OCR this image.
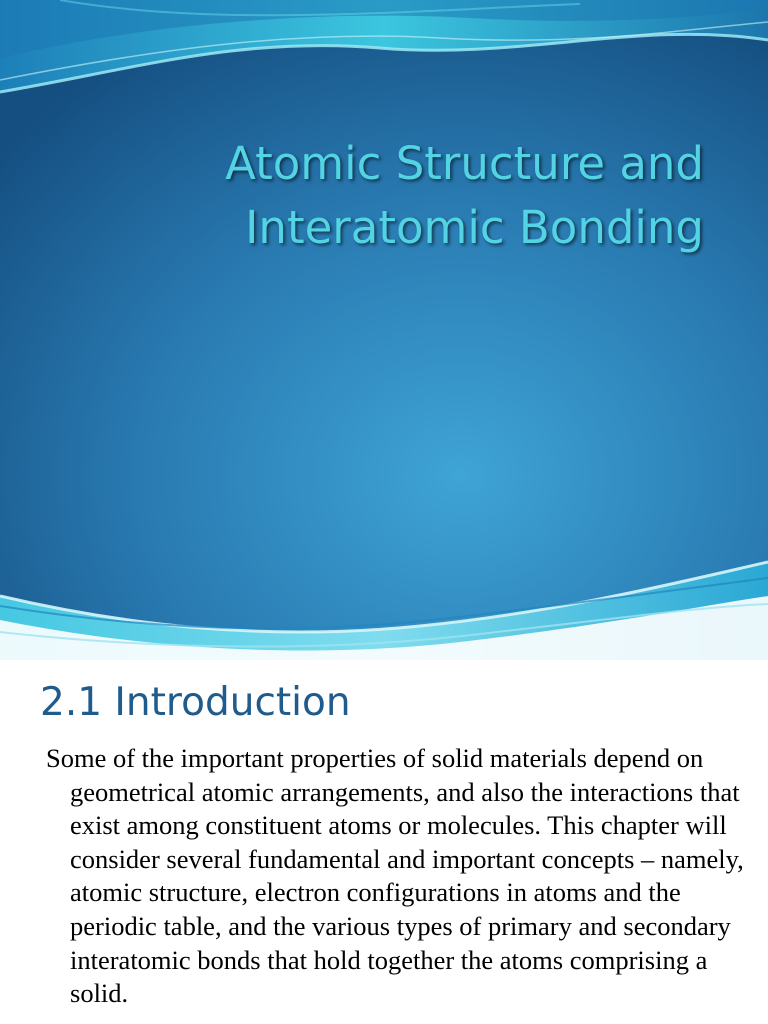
Atomic Structure and
Interatomic Bonding
2.1 Introduction

Some of the important properties of solid materials depend on geometrical atomic arrangements, and also the interactions that exist among constituent atoms or molecules. This chapter will consider several fundamental and important concepts – namely, atomic structure, electron configurations in atoms and the periodic table, and the various types of primary and secondary interatomic bonds that hold together the atoms comprising a solid.
